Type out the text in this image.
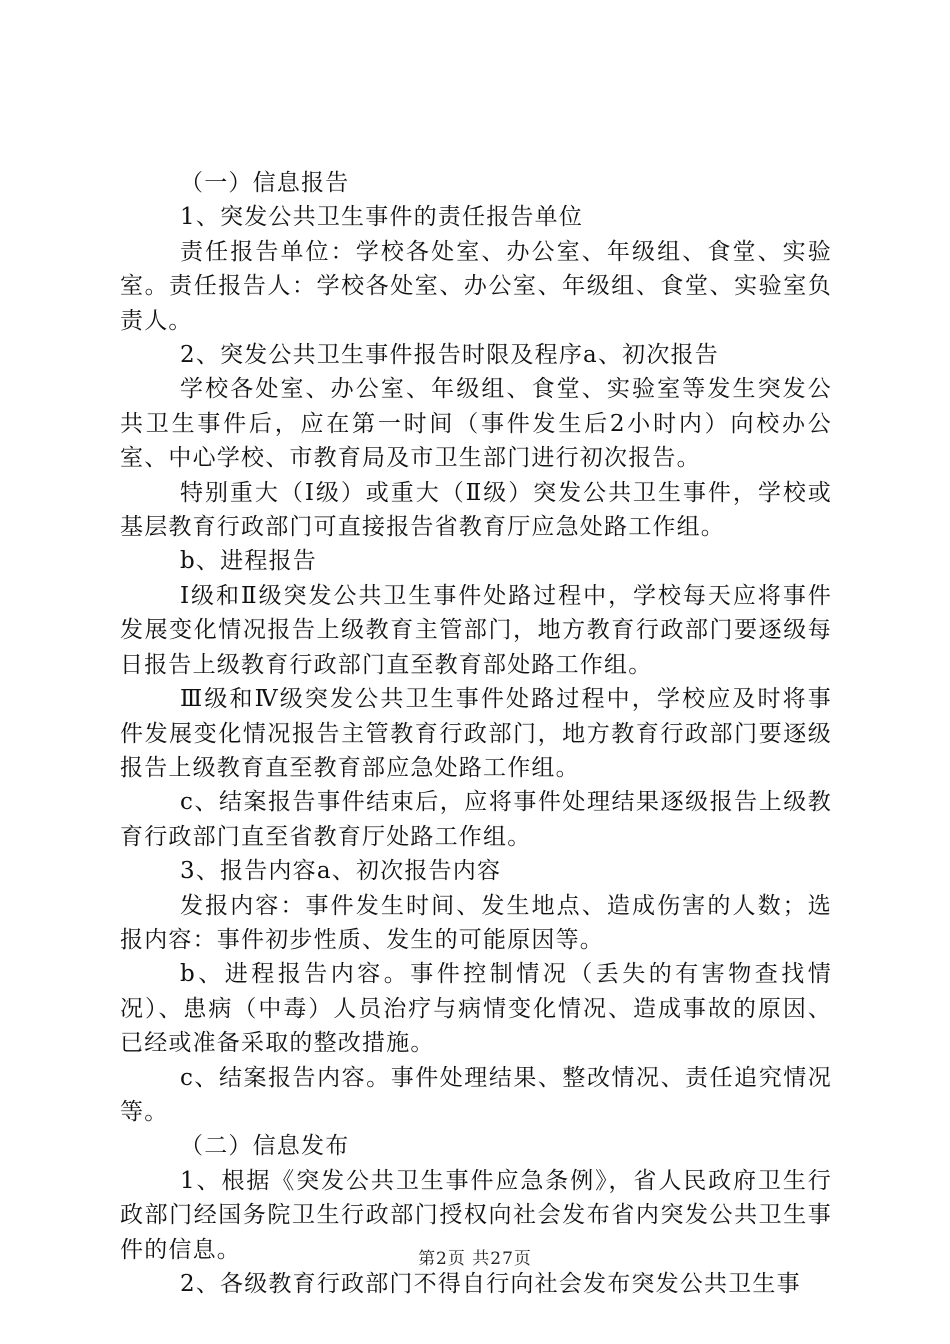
（一）信息报告

1、突发公共卫生事件的责任报告单位

责任报告单位：学校各处室、办公室、年级组、食堂、实验室。责任报告人：学校各处室、办公室、年级组、食堂、实验室负责人。

2、突发公共卫生事件报告时限及程序a、初次报告

学校各处室、办公室、年级组、食堂、实验室等发生突发公共卫生事件后，应在第一时间（事件发生后2小时内）向校办公室、中心学校、市教育局及市卫生部门进行初次报告。

特别重大（Ⅰ级）或重大（Ⅱ级）突发公共卫生事件，学校或基层教育行政部门可直接报告省教育厅应急处路工作组。

b、进程报告

Ⅰ级和Ⅱ级突发公共卫生事件处路过程中，学校每天应将事件发展变化情况报告上级教育主管部门，地方教育行政部门要逐级每日报告上级教育行政部门直至教育部处路工作组。

Ⅲ级和Ⅳ级突发公共卫生事件处路过程中，学校应及时将事件发展变化情况报告主管教育行政部门，地方教育行政部门要逐级报告上级教育直至教育部应急处路工作组。

c、结案报告事件结束后，应将事件处理结果逐级报告上级教育行政部门直至省教育厅处路工作组。

3、报告内容a、初次报告内容

发报内容：事件发生时间、发生地点、造成伤害的人数；选报内容：事件初步性质、发生的可能原因等。

b、进程报告内容。事件控制情况（丢失的有害物查找情况）、患病（中毒）人员治疗与病情变化情况、造成事故的原因、已经或准备采取的整改措施。

c、结案报告内容。事件处理结果、整改情况、责任追究情况等。

（二）信息发布

1、根据《突发公共卫生事件应急条例》，省人民政府卫生行政部门经国务院卫生行政部门授权向社会发布省内突发公共卫生事件的信息。

2、各级教育行政部门不得自行向社会发布突发公共卫生事

第2页 共27页
